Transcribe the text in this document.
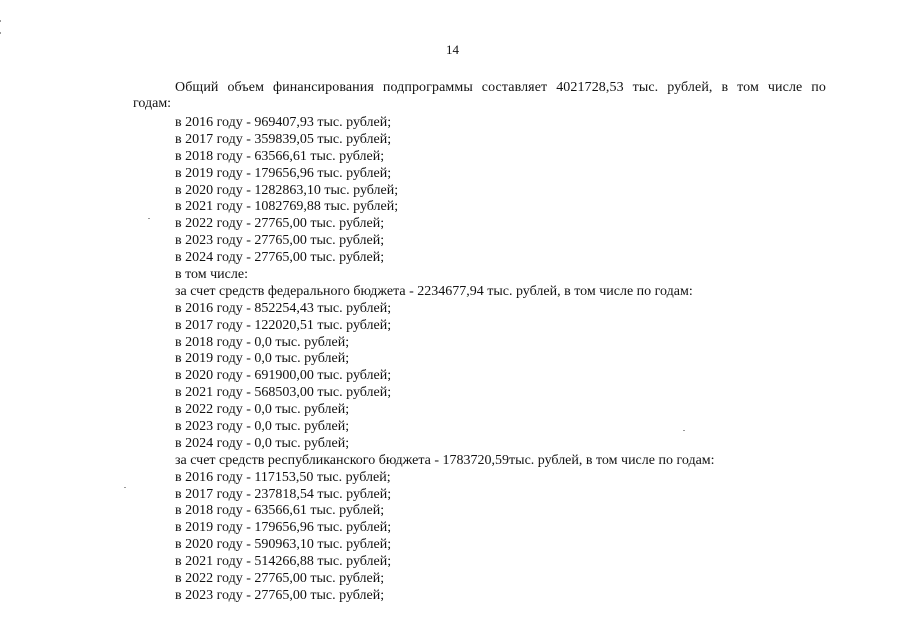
14
Общий объем финансирования подпрограммы составляет 4021728,53 тыс. рублей, в том числе по
годам:
в 2016 году - 969407,93 тыс. рублей;
в 2017 году - 359839,05 тыс. рублей;
в 2018 году - 63566,61 тыс. рублей;
в 2019 году - 179656,96 тыс. рублей;
в 2020 году - 1282863,10 тыс. рублей;
в 2021 году - 1082769,88 тыс. рублей;
в 2022 году - 27765,00 тыс. рублей;
в 2023 году - 27765,00 тыс. рублей;
в 2024 году - 27765,00 тыс. рублей;
в том числе:
за счет средств федерального бюджета - 2234677,94 тыс. рублей, в том числе по годам:
в 2016 году - 852254,43 тыс. рублей;
в 2017 году - 122020,51 тыс. рублей;
в 2018 году - 0,0 тыс. рублей;
в 2019 году - 0,0 тыс. рублей;
в 2020 году - 691900,00 тыс. рублей;
в 2021 году - 568503,00 тыс. рублей;
в 2022 году - 0,0 тыс. рублей;
в 2023 году - 0,0 тыс. рублей;
в 2024 году - 0,0 тыс. рублей;
за счет средств республиканского бюджета - 1783720,59тыс. рублей, в том числе по годам:
в 2016 году - 117153,50 тыс. рублей;
в 2017 году - 237818,54 тыс. рублей;
в 2018 году - 63566,61 тыс. рублей;
в 2019 году - 179656,96 тыс. рублей;
в 2020 году - 590963,10 тыс. рублей;
в 2021 году - 514266,88 тыс. рублей;
в 2022 году - 27765,00 тыс. рублей;
в 2023 году - 27765,00 тыс. рублей;
